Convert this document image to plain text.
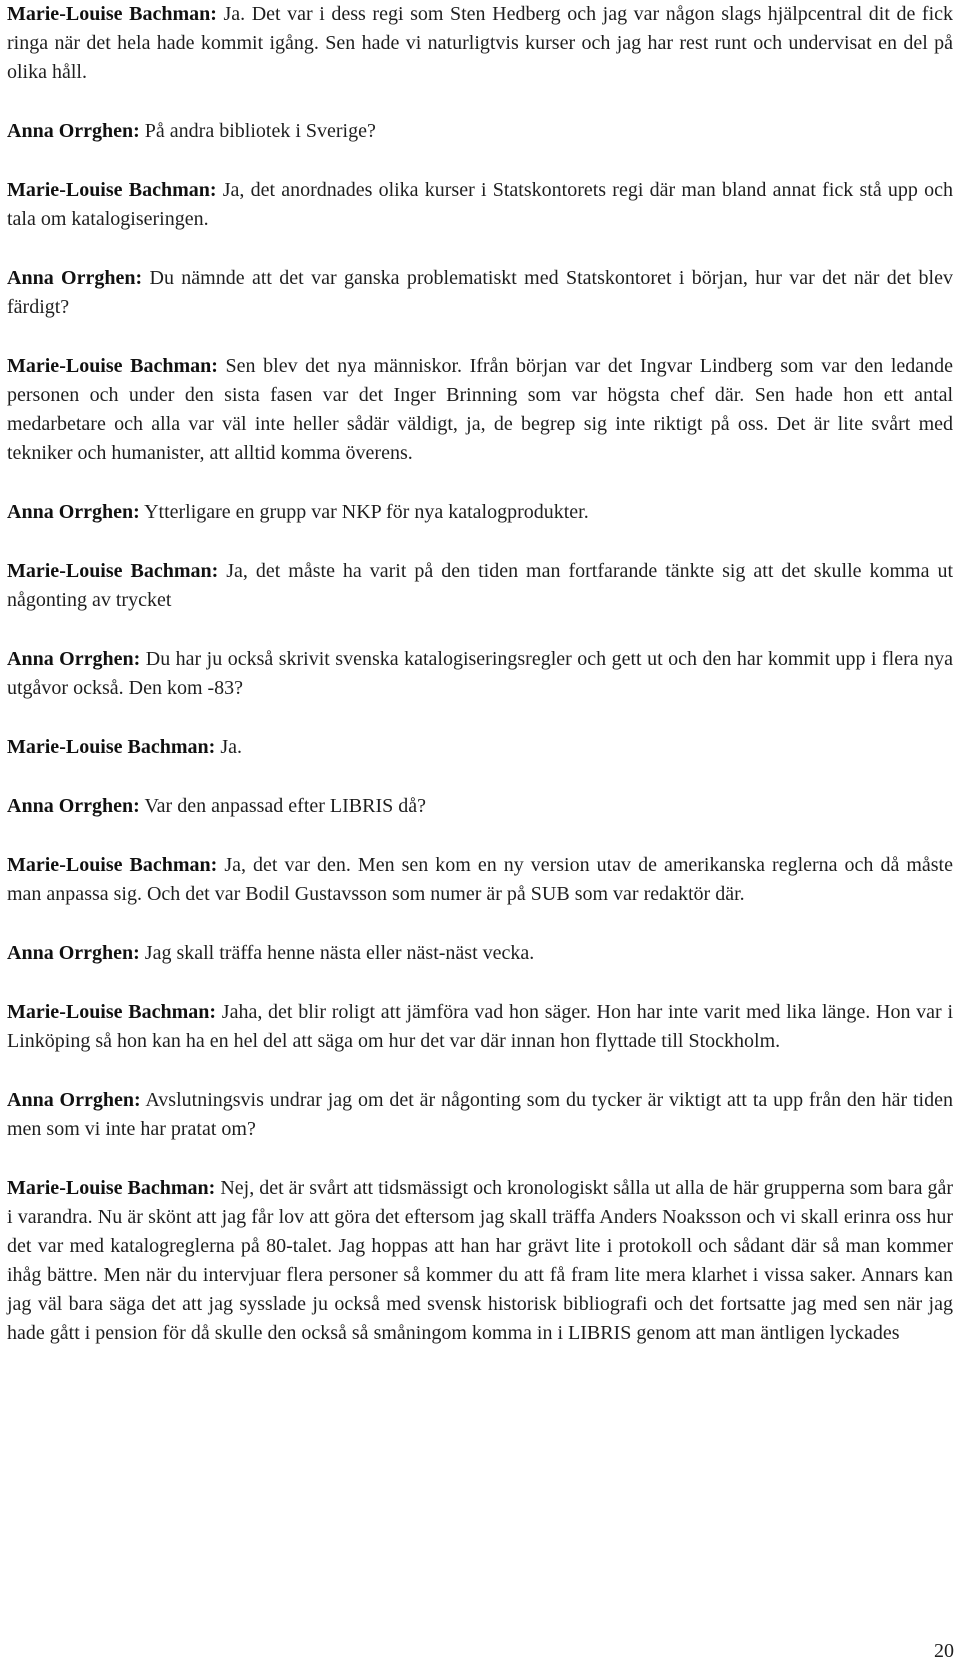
Marie-Louise Bachman: Ja. Det var i dess regi som Sten Hedberg och jag var någon slags hjälpcentral dit de fick ringa när det hela hade kommit igång. Sen hade vi naturligtvis kurser och jag har rest runt och undervisat en del på olika håll.

Anna Orrghen: På andra bibliotek i Sverige?

Marie-Louise Bachman: Ja, det anordnades olika kurser i Statskontorets regi där man bland annat fick stå upp och tala om katalogiseringen.

Anna Orrghen: Du nämnde att det var ganska problematiskt med Statskontoret i början, hur var det när det blev färdigt?

Marie-Louise Bachman: Sen blev det nya människor. Ifrån början var det Ingvar Lindberg som var den ledande personen och under den sista fasen var det Inger Brinning som var högsta chef där. Sen hade hon ett antal medarbetare och alla var väl inte heller sådär väldigt, ja, de begrep sig inte riktigt på oss. Det är lite svårt med tekniker och humanister, att alltid komma överens.

Anna Orrghen: Ytterligare en grupp var NKP för nya katalogprodukter.

Marie-Louise Bachman: Ja, det måste ha varit på den tiden man fortfarande tänkte sig att det skulle komma ut någonting av trycket

Anna Orrghen: Du har ju också skrivit svenska katalogiseringsregler och gett ut och den har kommit upp i flera nya utgåvor också. Den kom -83?

Marie-Louise Bachman: Ja.

Anna Orrghen: Var den anpassad efter LIBRIS då?

Marie-Louise Bachman: Ja, det var den. Men sen kom en ny version utav de amerikanska reglerna och då måste man anpassa sig. Och det var Bodil Gustavsson som numer är på SUB som var redaktör där.

Anna Orrghen: Jag skall träffa henne nästa eller näst-näst vecka.

Marie-Louise Bachman: Jaha, det blir roligt att jämföra vad hon säger. Hon har inte varit med lika länge. Hon var i Linköping så hon kan ha en hel del att säga om hur det var där innan hon flyttade till Stockholm.

Anna Orrghen: Avslutningsvis undrar jag om det är någonting som du tycker är viktigt att ta upp från den här tiden men som vi inte har pratat om?

Marie-Louise Bachman: Nej, det är svårt att tidsmässigt och kronologiskt sålla ut alla de här grupperna som bara går i varandra. Nu är skönt att jag får lov att göra det eftersom jag skall träffa Anders Noaksson och vi skall erinra oss hur det var med katalogreglerna på 80-talet. Jag hoppas att han har grävt lite i protokoll och sådant där så man kommer ihåg bättre. Men när du intervjuar flera personer så kommer du att få fram lite mera klarhet i vissa saker. Annars kan jag väl bara säga det att jag sysslade ju också med svensk historisk bibliografi och det fortsatte jag med sen när jag hade gått i pension för då skulle den också så småningom komma in i LIBRIS genom att man äntligen lyckades

20
